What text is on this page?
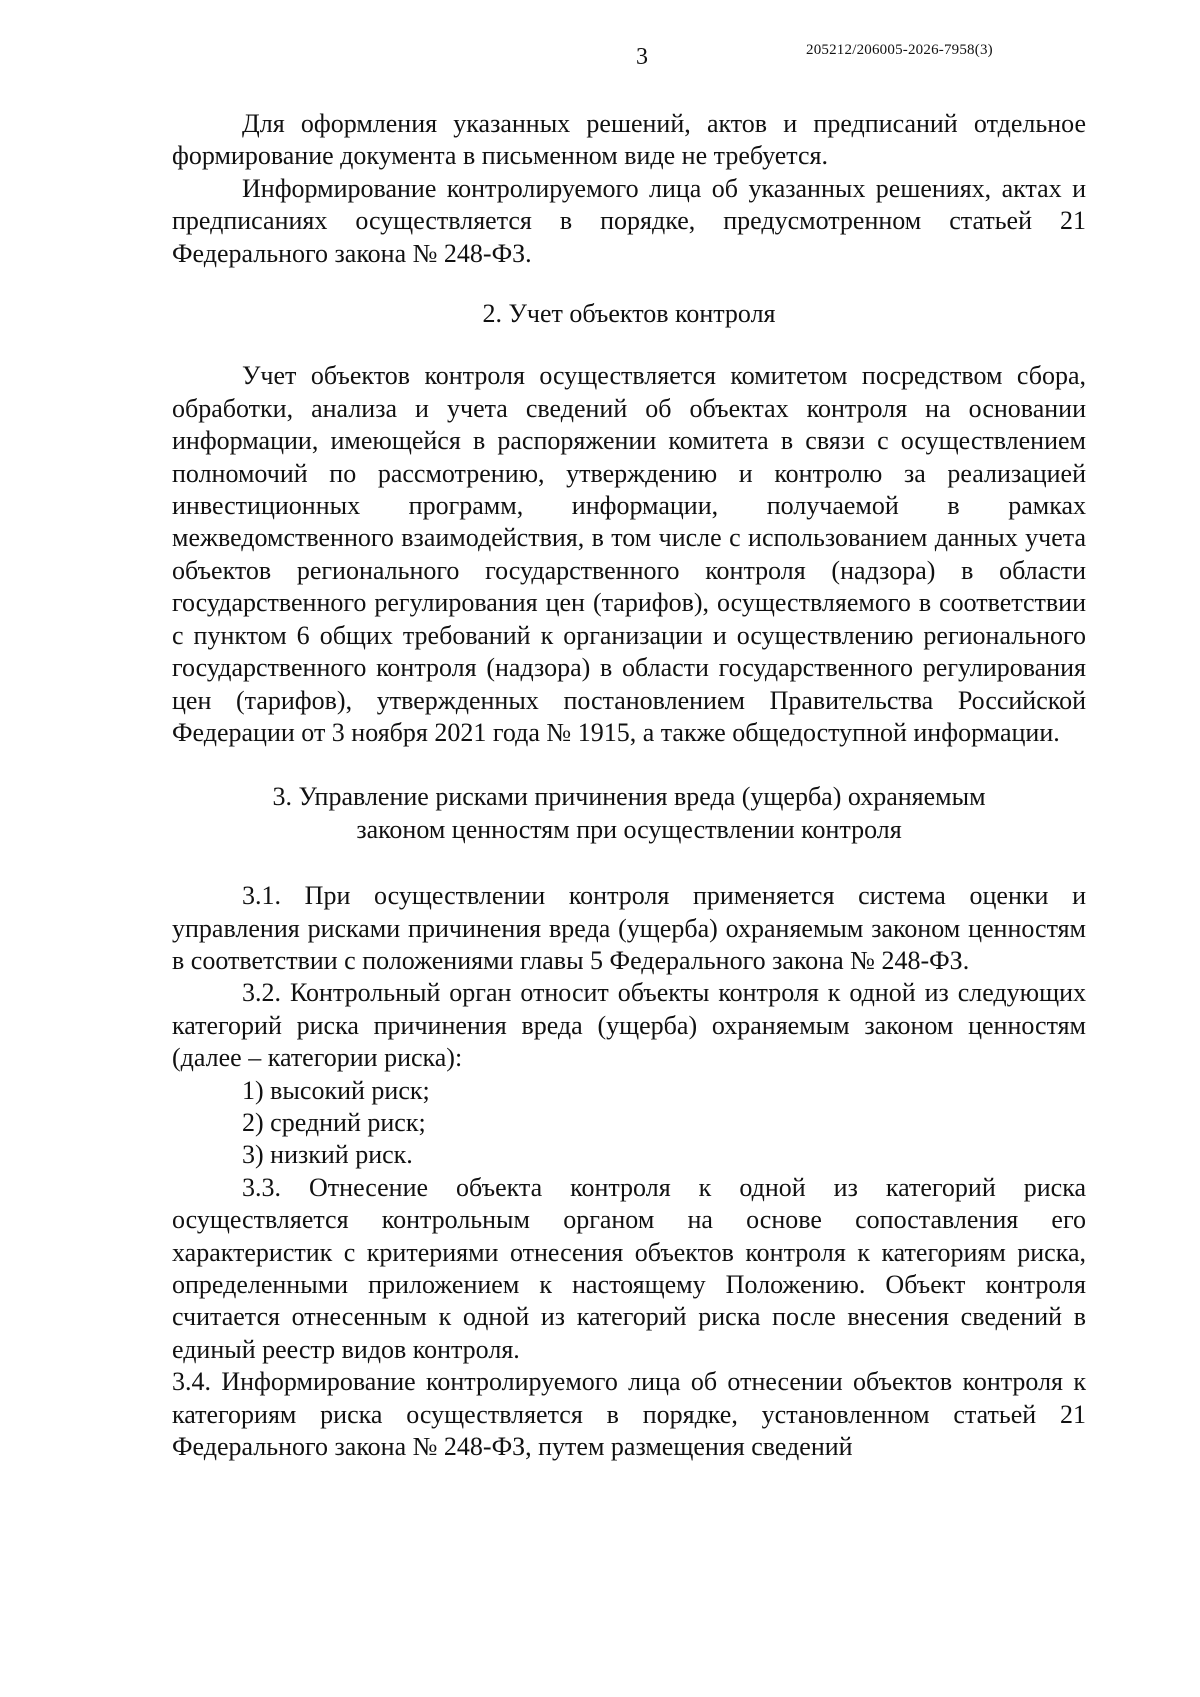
3	205212/206005-2026-7958(3)

Для оформления указанных решений, актов и предписаний отдельное формирование документа в письменном виде не требуется.

Информирование контролируемого лица об указанных решениях, актах и предписаниях осуществляется в порядке, предусмотренном статьей 21 Федерального закона № 248-ФЗ.

2. Учет объектов контроля

Учет объектов контроля осуществляется комитетом посредством сбора, обработки, анализа и учета сведений об объектах контроля на основании информации, имеющейся в распоряжении комитета в связи с осуществлением полномочий по рассмотрению, утверждению и контролю за реализацией инвестиционных программ, информации, получаемой в рамках межведомственного взаимодействия, в том числе с использованием данных учета объектов регионального государственного контроля (надзора) в области государственного регулирования цен (тарифов), осуществляемого в соответствии с пунктом 6 общих требований к организации и осуществлению регионального государственного контроля (надзора) в области государственного регулирования цен (тарифов), утвержденных постановлением Правительства Российской Федерации от 3 ноября 2021 года № 1915, а также общедоступной информации.

3. Управление рисками причинения вреда (ущерба) охраняемым

законом ценностям при осуществлении контроля

3.1. При осуществлении контроля применяется система оценки и управления рисками причинения вреда (ущерба) охраняемым законом ценностям в соответствии с положениями главы 5 Федерального закона № 248-ФЗ.

3.2. Контрольный орган относит объекты контроля к одной из следующих категорий риска причинения вреда (ущерба) охраняемым законом ценностям (далее – категории риска):

1) высокий риск;

2) средний риск;

3) низкий риск.

3.3. Отнесение объекта контроля к одной из категорий риска осуществляется контрольным органом на основе сопоставления его характеристик с критериями отнесения объектов контроля к категориям риска, определенными приложением к настоящему Положению. Объект контроля считается отнесенным к одной из категорий риска после внесения сведений в единый реестр видов контроля.

3.4. Информирование контролируемого лица об отнесении объектов контроля к категориям риска осуществляется в порядке, установленном статьей 21 Федерального закона № 248-ФЗ, путем размещения сведений
